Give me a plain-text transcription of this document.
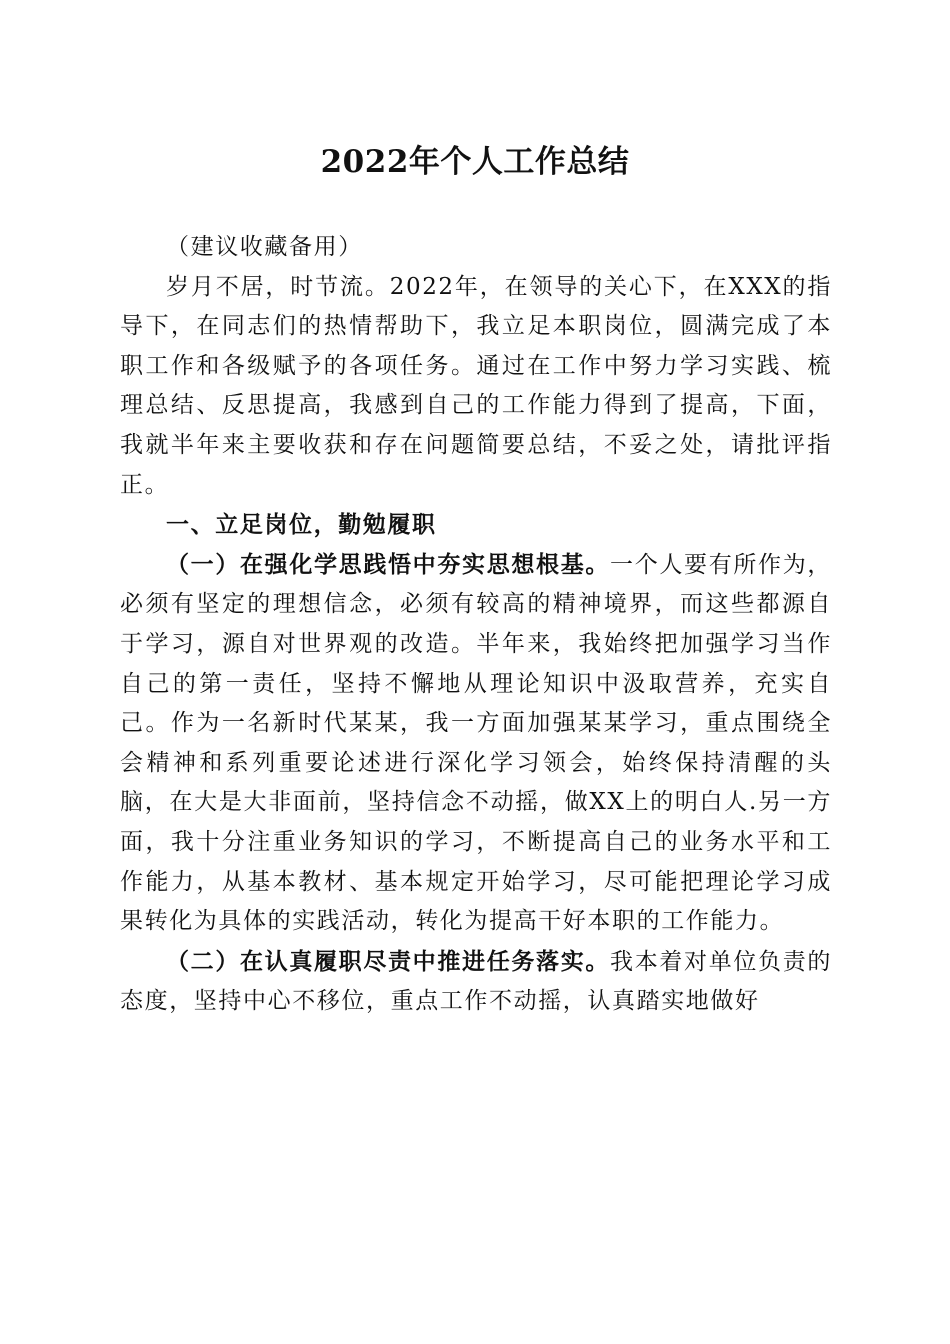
2022年个人工作总结

（建议收藏备用）

岁月不居，时节流。2022年，在领导的关心下，在XXX的指导下，在同志们的热情帮助下，我立足本职岗位，圆满完成了本职工作和各级赋予的各项任务。通过在工作中努力学习实践、梳理总结、反思提高，我感到自己的工作能力得到了提高，下面，我就半年来主要收获和存在问题简要总结，不妥之处，请批评指正。

一、立足岗位，勤勉履职

（一）在强化学思践悟中夯实思想根基。一个人要有所作为，必须有坚定的理想信念，必须有较高的精神境界，而这些都源自于学习，源自对世界观的改造。半年来，我始终把加强学习当作自己的第一责任，坚持不懈地从理论知识中汲取营养，充实自己。作为一名新时代某某，我一方面加强某某学习，重点围绕全会精神和系列重要论述进行深化学习领会，始终保持清醒的头脑，在大是大非面前，坚持信念不动摇，做XX上的明白人.另一方面，我十分注重业务知识的学习，不断提高自己的业务水平和工作能力，从基本教材、基本规定开始学习，尽可能把理论学习成果转化为具体的实践活动，转化为提高干好本职的工作能力。

（二）在认真履职尽责中推进任务落实。我本着对单位负责的态度，坚持中心不移位，重点工作不动摇，认真踏实地做好
